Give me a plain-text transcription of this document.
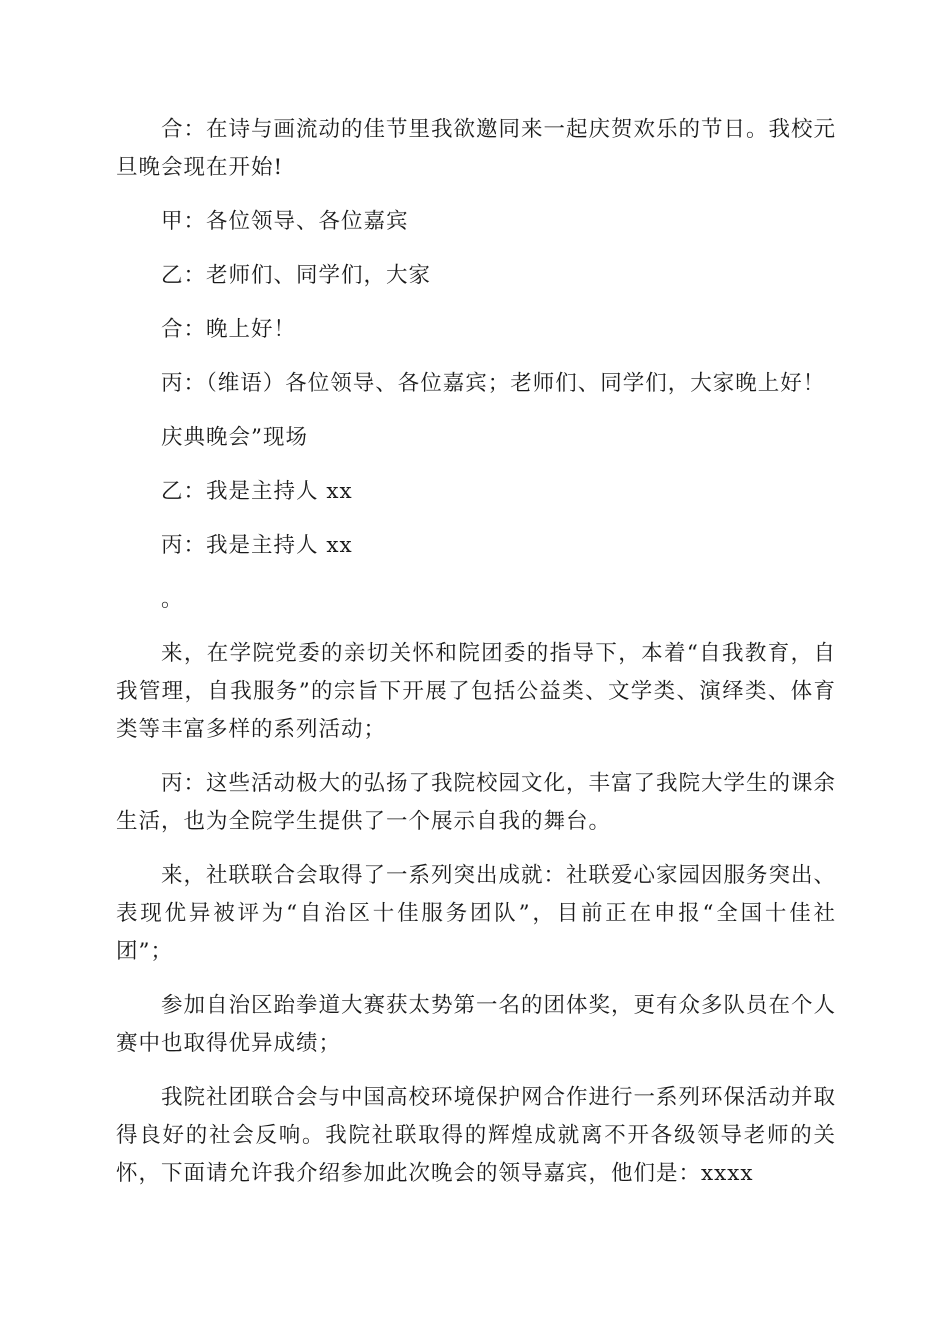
合：在诗与画流动的佳节里我欲邀同来一起庆贺欢乐的节日。我校元旦晚会现在开始!

甲：各位领导、各位嘉宾

乙：老师们、同学们，大家

合：晚上好！

丙：（维语）各位领导、各位嘉宾；老师们、同学们，大家晚上好！

庆典晚会”现场

乙：我是主持人 xx

丙：我是主持人 xx

。

来，在学院党委的亲切关怀和院团委的指导下，本着“自我教育，自我管理，自我服务”的宗旨下开展了包括公益类、文学类、演绎类、体育类等丰富多样的系列活动；

丙：这些活动极大的弘扬了我院校园文化，丰富了我院大学生的课余生活，也为全院学生提供了一个展示自我的舞台。

来，社联联合会取得了一系列突出成就：社联爱心家园因服务突出、表现优异被评为“自治区十佳服务团队”，目前正在申报“全国十佳社团”；

参加自治区跆拳道大赛获太势第一名的团体奖，更有众多队员在个人赛中也取得优异成绩；

我院社团联合会与中国高校环境保护网合作进行一系列环保活动并取得良好的社会反响。我院社联取得的辉煌成就离不开各级领导老师的关怀，下面请允许我介绍参加此次晚会的领导嘉宾，他们是：xxxx
